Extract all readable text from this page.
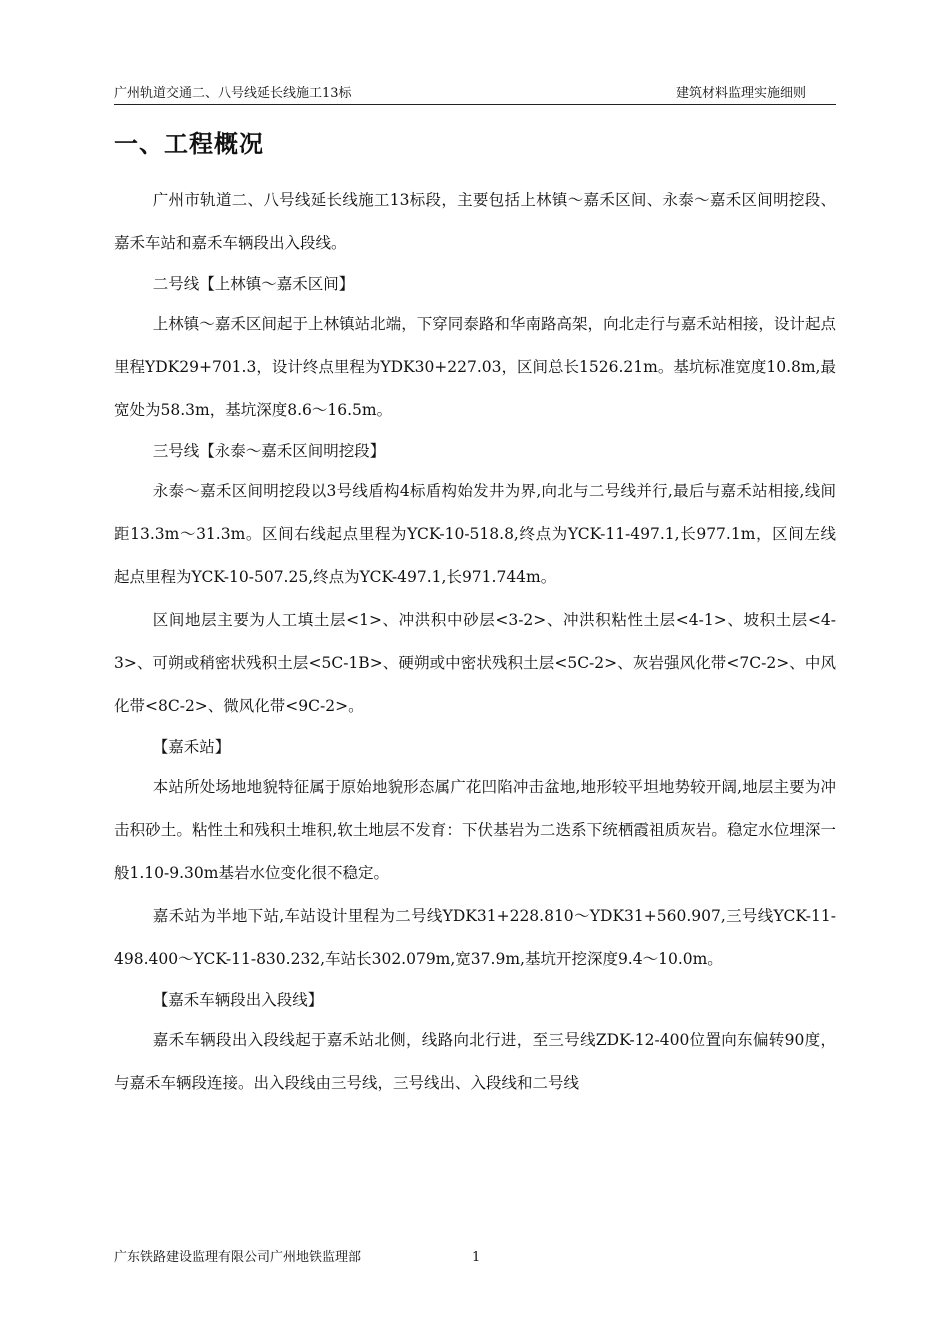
广州轨道交通二、八号线延长线施工13标	建筑材料监理实施细则
一、工程概况

广州市轨道二、八号线延长线施工13标段，主要包括上林镇～嘉禾区间、永泰～嘉禾区间明挖段、嘉禾车站和嘉禾车辆段出入段线。

二号线【上林镇～嘉禾区间】

上林镇～嘉禾区间起于上林镇站北端，下穿同泰路和华南路高架，向北走行与嘉禾站相接，设计起点里程YDK29+701.3，设计终点里程为YDK30+227.03，区间总长1526.21m。基坑标准宽度10.8m,最宽处为58.3m，基坑深度8.6～16.5m。

三号线【永泰～嘉禾区间明挖段】

永泰～嘉禾区间明挖段以3号线盾构4标盾构始发井为界,向北与二号线并行,最后与嘉禾站相接,线间距13.3m～31.3m。区间右线起点里程为YCK-10-518.8,终点为YCK-11-497.1,长977.1m，区间左线起点里程为YCK-10-507.25,终点为YCK-497.1,长971.744m。

区间地层主要为人工填土层<1>、冲洪积中砂层<3-2>、冲洪积粘性土层<4-1>、坡积土层<4-3>、可朔或稍密状残积土层<5C-1B>、硬朔或中密状残积土层<5C-2>、灰岩强风化带<7C-2>、中风化带<8C-2>、微风化带<9C-2>。

【嘉禾站】

本站所处场地地貌特征属于原始地貌形态属广花凹陷冲击盆地,地形较平坦地势较开阔,地层主要为冲击积砂土。粘性土和残积土堆积,软土地层不发育：下伏基岩为二迭系下统栖霞祖质灰岩。稳定水位埋深一般1.10-9.30m基岩水位变化很不稳定。

嘉禾站为半地下站,车站设计里程为二号线YDK31+228.810～YDK31+560.907,三号线YCK-11-498.400～YCK-11-830.232,车站长302.079m,宽37.9m,基坑开挖深度9.4～10.0m。

【嘉禾车辆段出入段线】

嘉禾车辆段出入段线起于嘉禾站北侧，线路向北行进，至三号线ZDK-12-400位置向东偏转90度，与嘉禾车辆段连接。出入段线由三号线，三号线出、入段线和二号线

广东铁路建设监理有限公司广州地铁监理部	1
